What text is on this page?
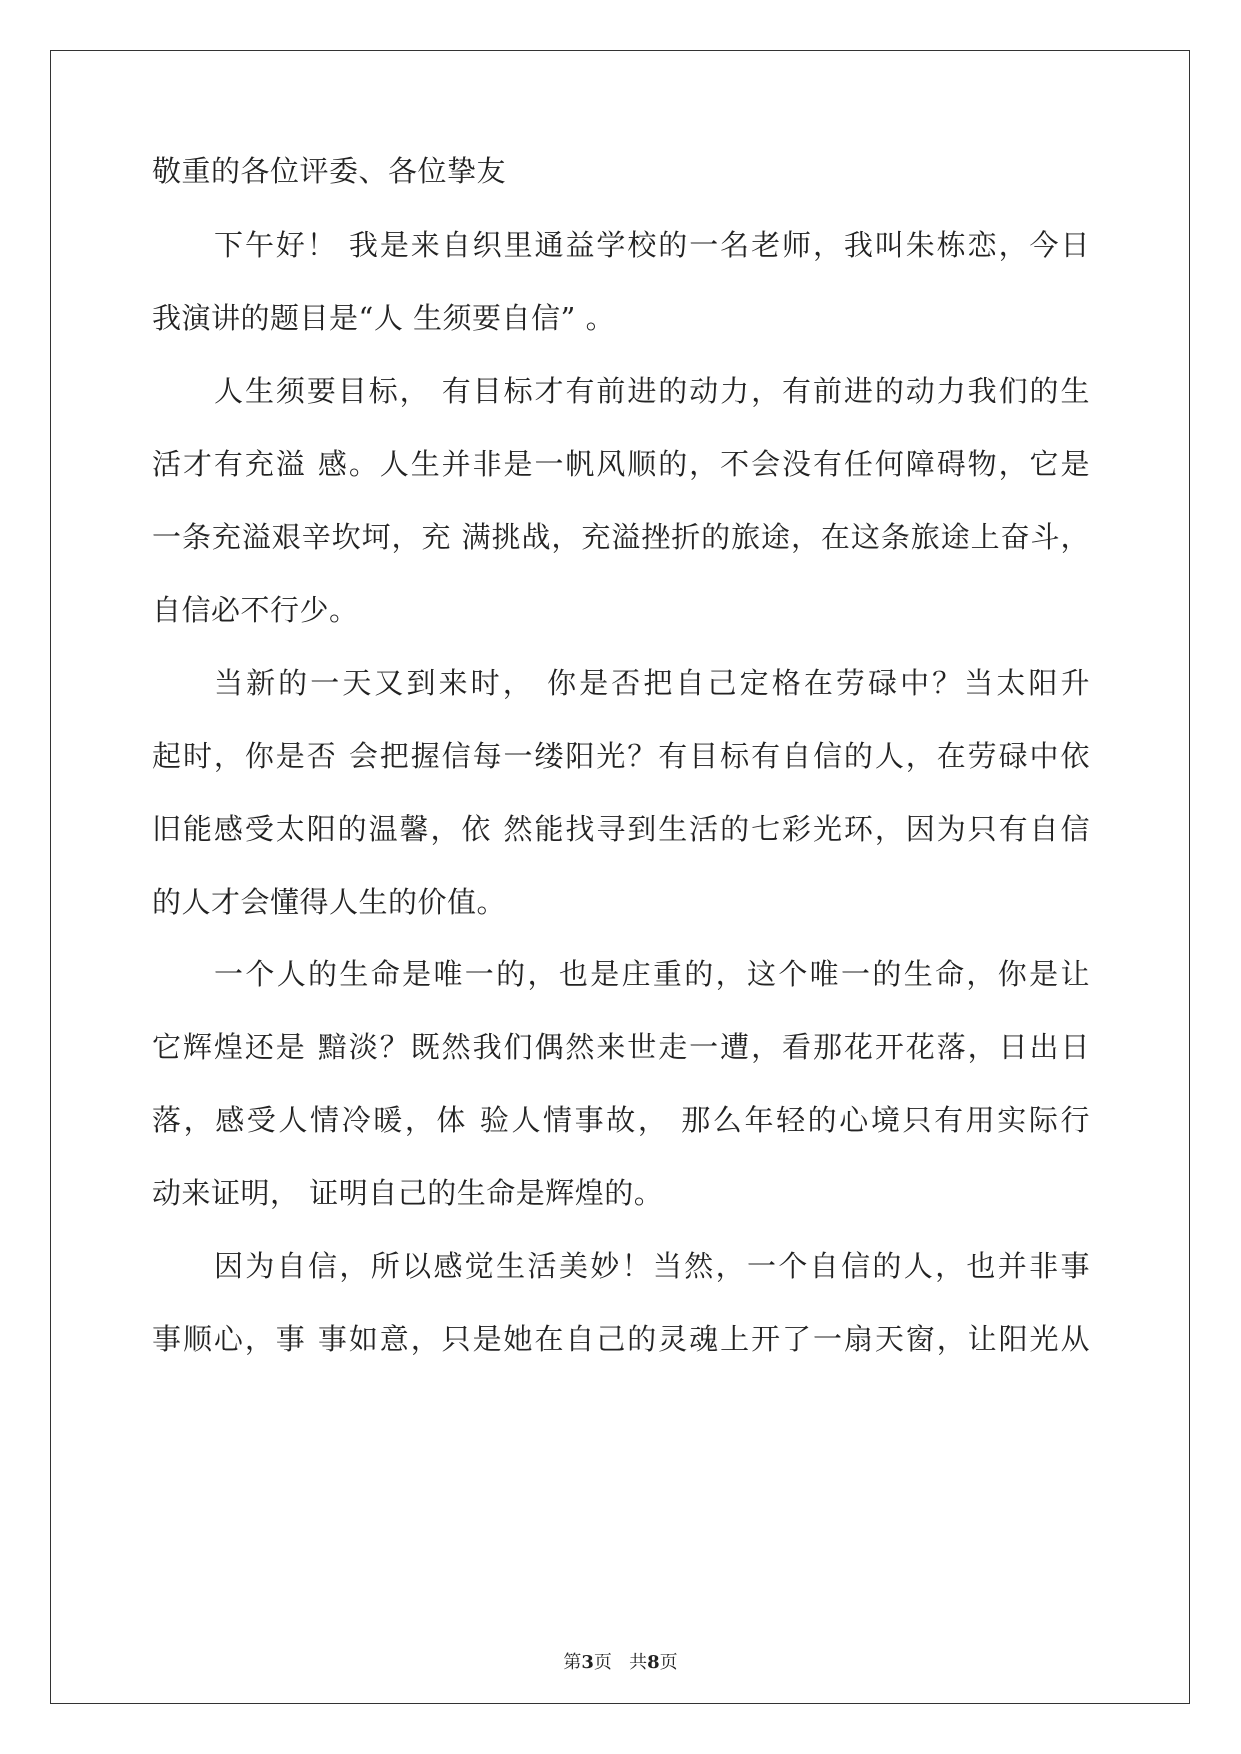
敬重的各位评委、各位挚友
下午好！ 我是来自织里通益学校的一名老师，我叫朱栋恋，今日
我演讲的题目是“人 生须要自信” 。
人生须要目标， 有目标才有前进的动力，有前进的动力我们的生
活才有充溢 感。人生并非是一帆风顺的，不会没有任何障碍物，它是
一条充溢艰辛坎坷，充 满挑战，充溢挫折的旅途，在这条旅途上奋斗，
自信必不行少。
当新的一天又到来时， 你是否把自己定格在劳碌中？当太阳升
起时，你是否 会把握信每一缕阳光？有目标有自信的人，在劳碌中依
旧能感受太阳的温馨，依 然能找寻到生活的七彩光环，因为只有自信
的人才会懂得人生的价值。
一个人的生命是唯一的，也是庄重的，这个唯一的生命，你是让
它辉煌还是 黯淡？既然我们偶然来世走一遭，看那花开花落，日出日
落，感受人情冷暖，体 验人情事故， 那么年轻的心境只有用实际行
动来证明， 证明自己的生命是辉煌的。
因为自信，所以感觉生活美妙！当然，一个自信的人，也并非事
事顺心，事 事如意，只是她在自己的灵魂上开了一扇天窗，让阳光从
第3页 共8页
